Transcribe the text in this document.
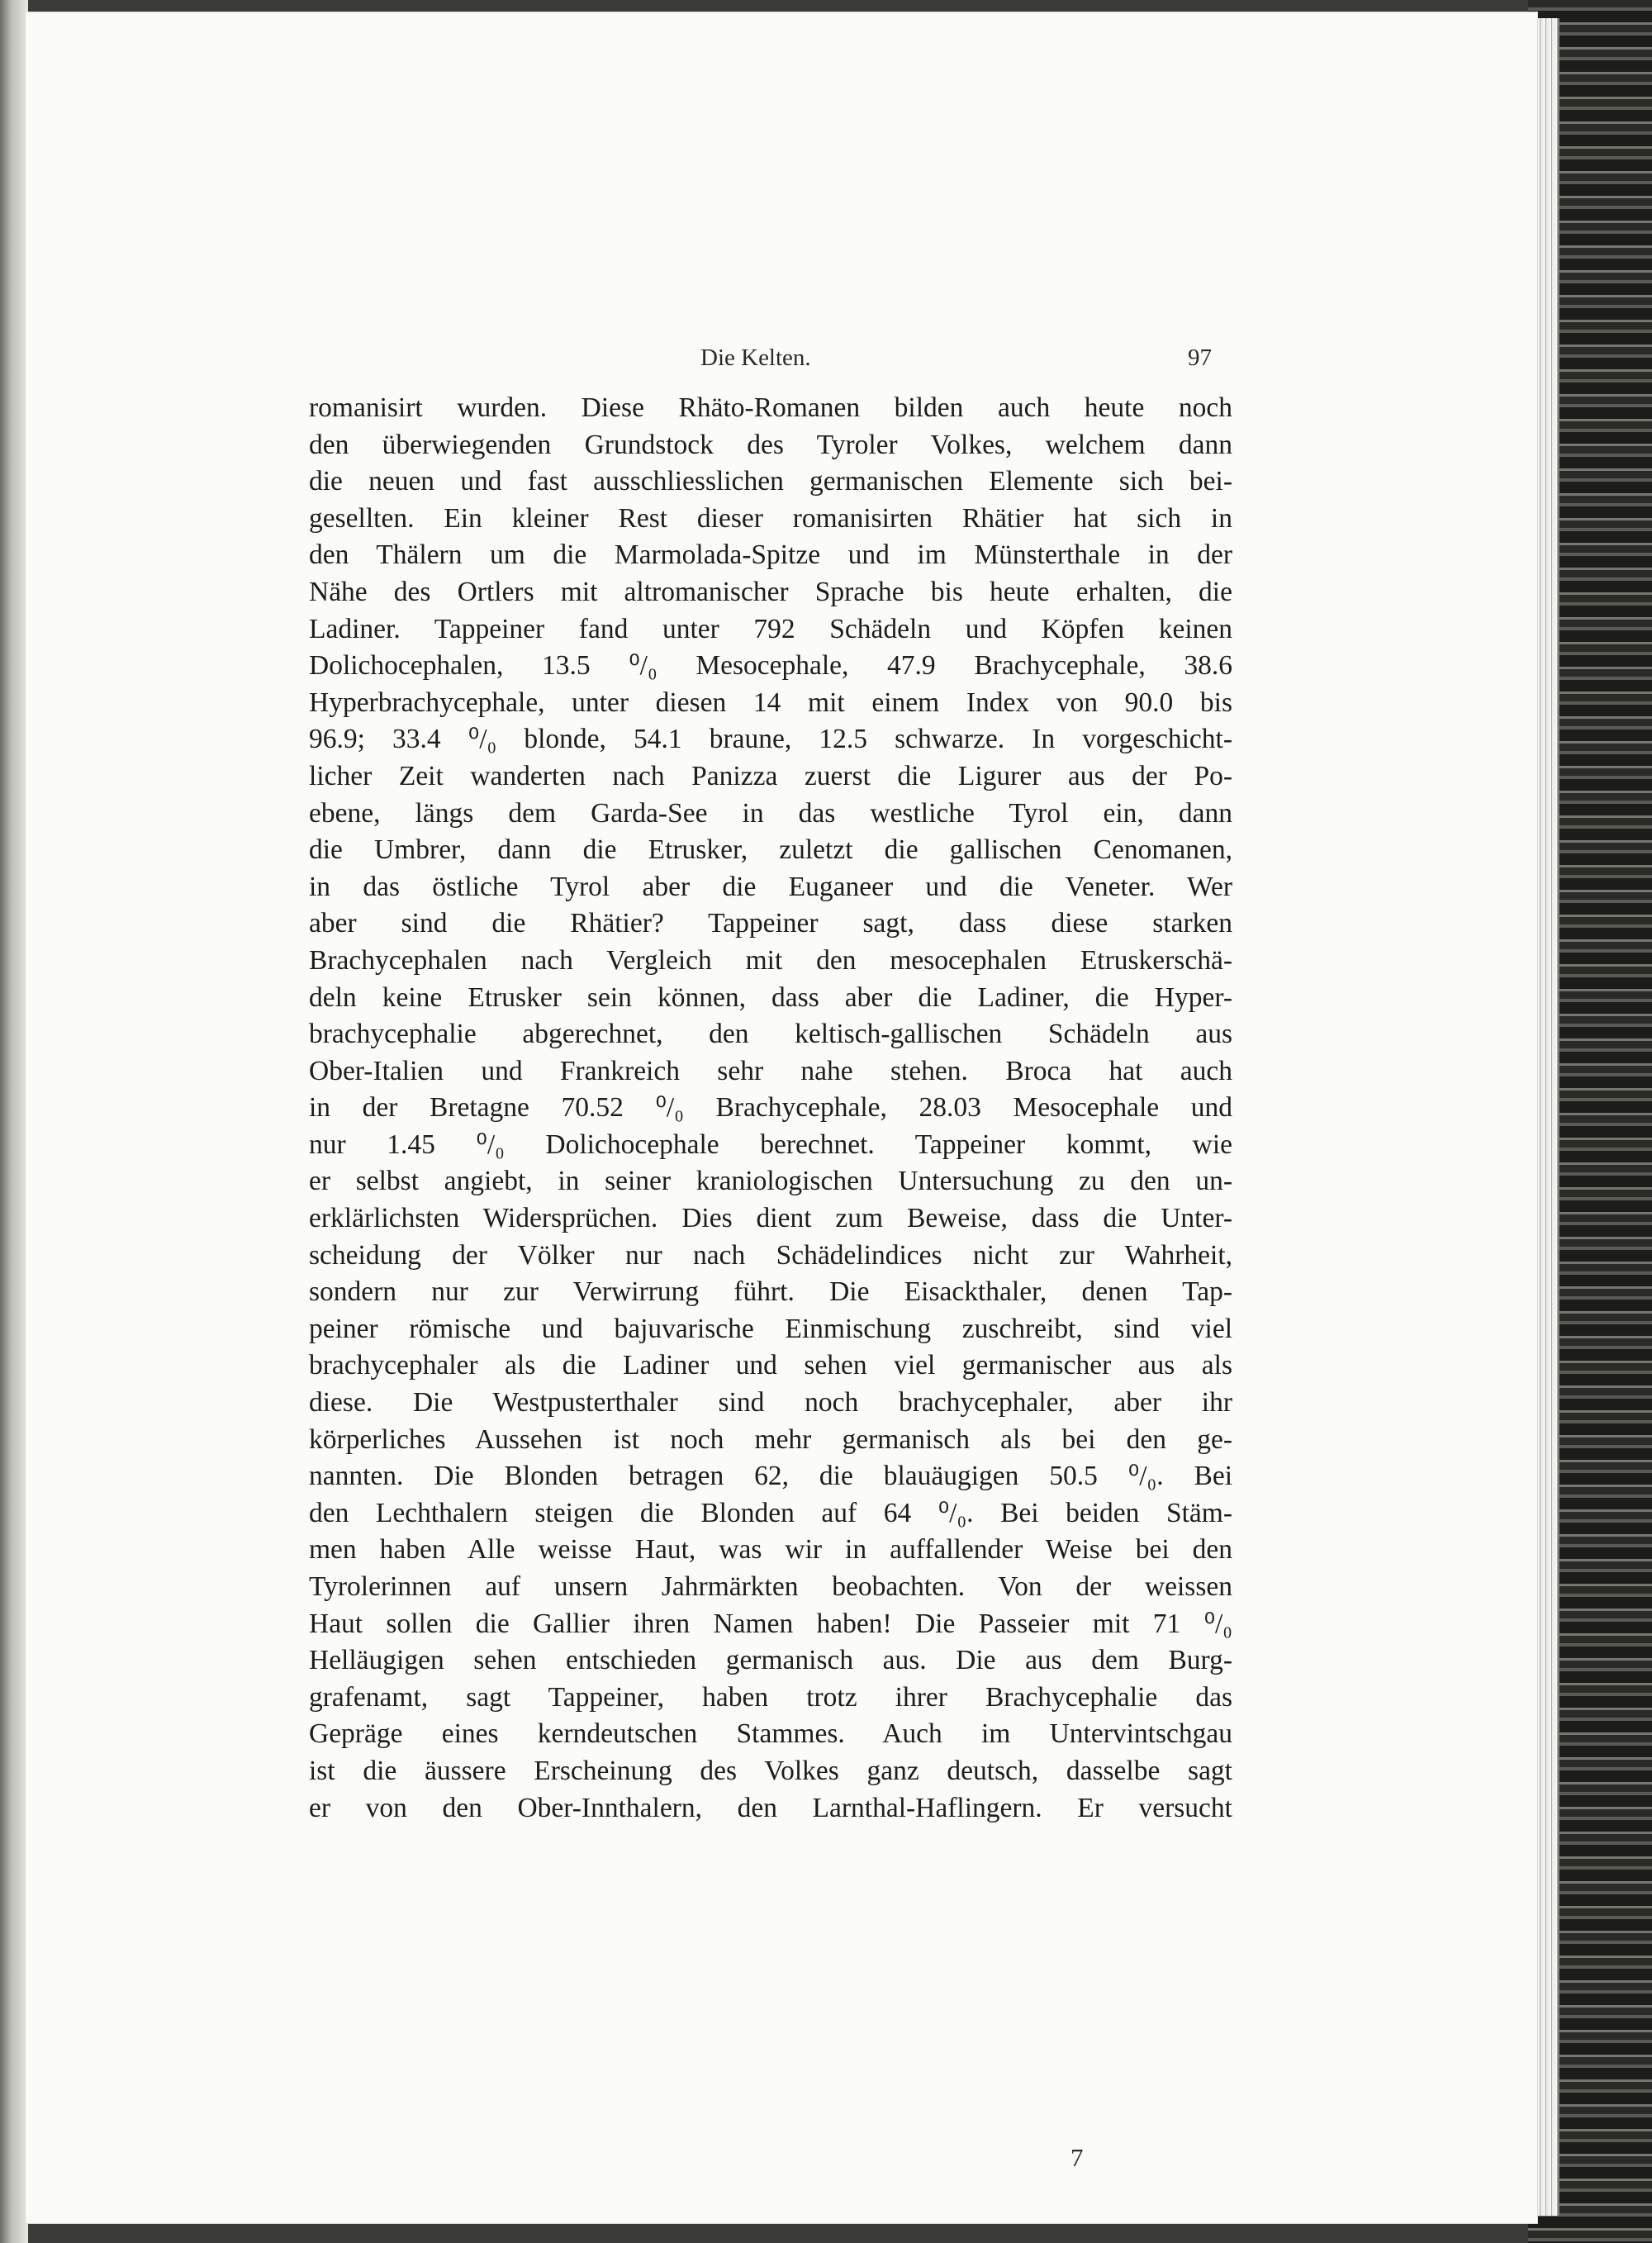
Die Kelten.	97
romanisirt wurden. Diese Rhäto-Romanen bilden auch heute noch
den überwiegenden Grundstock des Tyroler Volkes, welchem dann
die neuen und fast ausschliesslichen germanischen Elemente sich bei-
gesellten. Ein kleiner Rest dieser romanisirten Rhätier hat sich in
den Thälern um die Marmolada-Spitze und im Münsterthale in der
Nähe des Ortlers mit altromanischer Sprache bis heute erhalten, die
Ladiner. Tappeiner fand unter 792 Schädeln und Köpfen keinen
Dolichocephalen, 13.5 ⁰/₀ Mesocephale, 47.9 Brachycephale, 38.6
Hyperbrachycephale, unter diesen 14 mit einem Index von 90.0 bis
96.9; 33.4 ⁰/₀ blonde, 54.1 braune, 12.5 schwarze. In vorgeschicht-
licher Zeit wanderten nach Panizza zuerst die Ligurer aus der Po-
ebene, längs dem Garda-See in das westliche Tyrol ein, dann
die Umbrer, dann die Etrusker, zuletzt die gallischen Cenomanen,
in das östliche Tyrol aber die Euganeer und die Veneter. Wer
aber sind die Rhätier? Tappeiner sagt, dass diese starken
Brachycephalen nach Vergleich mit den mesocephalen Etruskerschä-
deln keine Etrusker sein können, dass aber die Ladiner, die Hyper-
brachycephalie abgerechnet, den keltisch-gallischen Schädeln aus
Ober-Italien und Frankreich sehr nahe stehen. Broca hat auch
in der Bretagne 70.52 ⁰/₀ Brachycephale, 28.03 Mesocephale und
nur 1.45 ⁰/₀ Dolichocephale berechnet. Tappeiner kommt, wie
er selbst angiebt, in seiner kraniologischen Untersuchung zu den un-
erklärlichsten Widersprüchen. Dies dient zum Beweise, dass die Unter-
scheidung der Völker nur nach Schädelindices nicht zur Wahrheit,
sondern nur zur Verwirrung führt. Die Eisackthaler, denen Tap-
peiner römische und bajuvarische Einmischung zuschreibt, sind viel
brachycephaler als die Ladiner und sehen viel germanischer aus als
diese. Die Westpusterthaler sind noch brachycephaler, aber ihr
körperliches Aussehen ist noch mehr germanisch als bei den ge-
nannten. Die Blonden betragen 62, die blauäugigen 50.5 ⁰/₀. Bei
den Lechthalern steigen die Blonden auf 64 ⁰/₀. Bei beiden Stäm-
men haben Alle weisse Haut, was wir in auffallender Weise bei den
Tyrolerinnen auf unsern Jahrmärkten beobachten. Von der weissen
Haut sollen die Gallier ihren Namen haben! Die Passeier mit 71 ⁰/₀
Helläugigen sehen entschieden germanisch aus. Die aus dem Burg-
grafenamt, sagt Tappeiner, haben trotz ihrer Brachycephalie das
Gepräge eines kerndeutschen Stammes. Auch im Untervintschgau
ist die äussere Erscheinung des Volkes ganz deutsch, dasselbe sagt
er von den Ober-Innthalern, den Larnthal-Haflingern. Er versucht
7
